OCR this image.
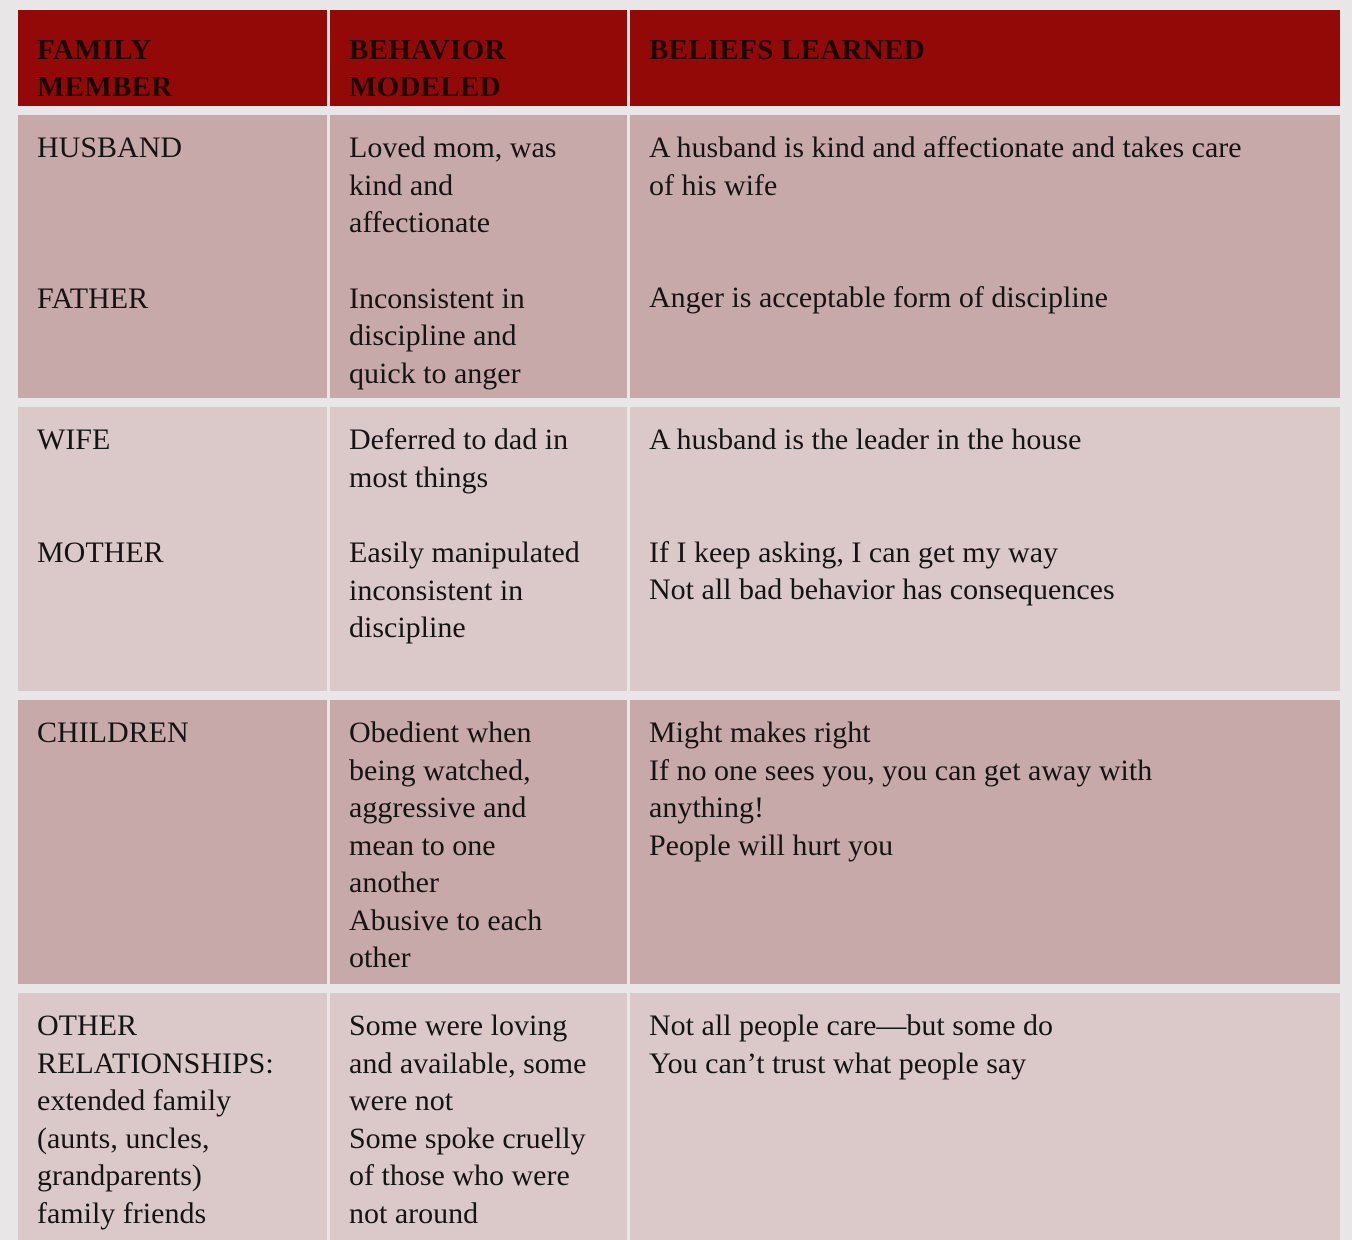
FAMILY
MEMBER
BEHAVIOR
MODELED
BELIEFS LEARNED
HUSBAND
FATHER
Loved mom, was
kind and
affectionate
Inconsistent in
discipline and
quick to anger
A husband is kind and affectionate and takes care
of his wife
Anger is acceptable form of discipline
WIFE
MOTHER
Deferred to dad in
most things
Easily manipulated
inconsistent in
discipline
A husband is the leader in the house
If I keep asking, I can get my way
Not all bad behavior has consequences
CHILDREN	Obedient when
being watched,
aggressive and
mean to one
another
Abusive to each
other
Might makes right
If no one sees you, you can get away with
anything!
People will hurt you
OTHER
RELATIONSHIPS:
extended family
(aunts, uncles,
grandparents)
family friends
Some were loving
and available, some
were not
Some spoke cruelly
of those who were
not around
Not all people care—but some do
You can’t trust what people say
